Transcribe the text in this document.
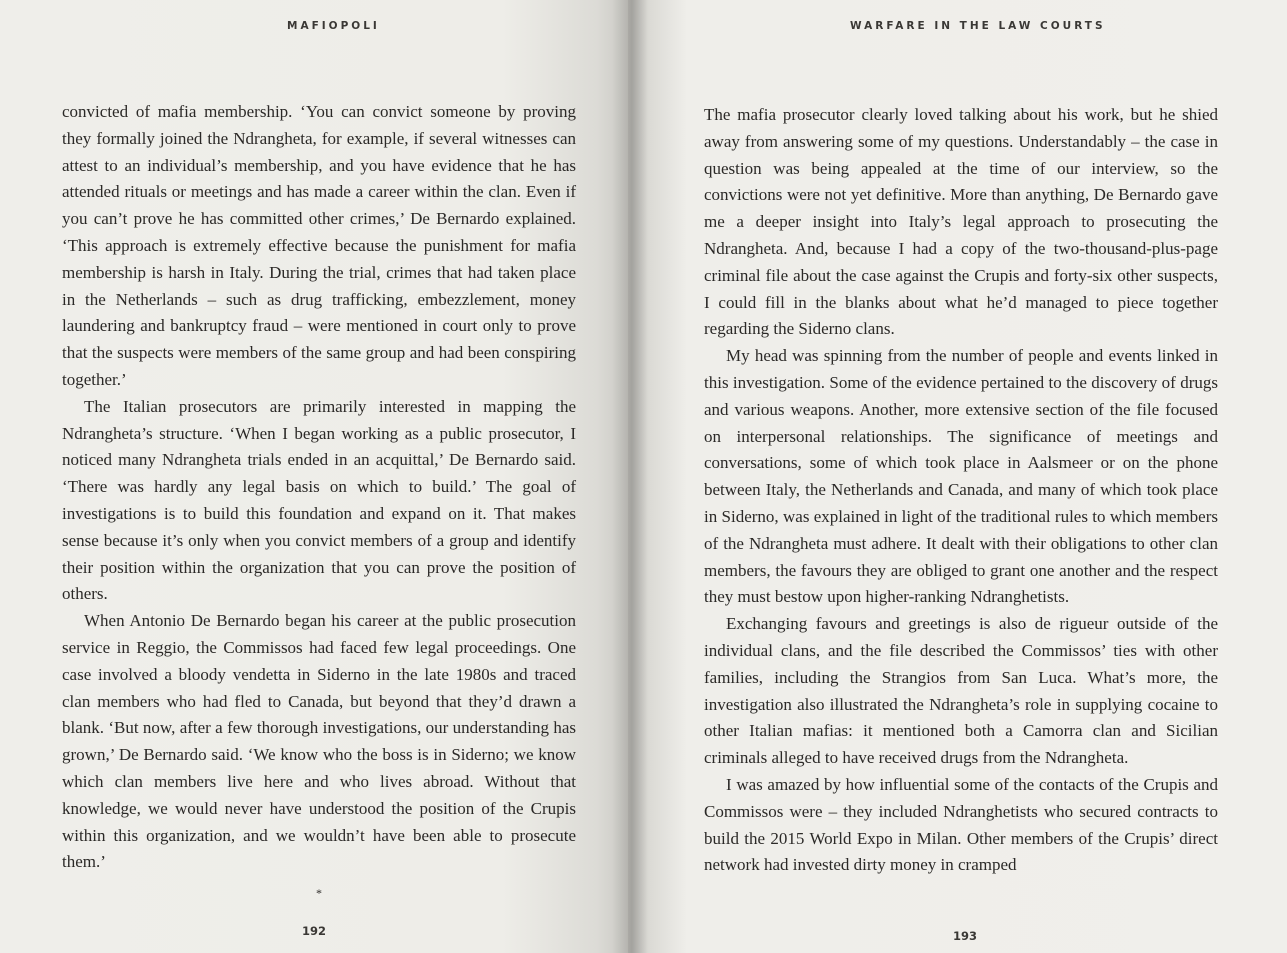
MAFIOPOLI

convicted of mafia membership. ‘You can convict someone by proving they formally joined the Ndrangheta, for example, if several witnesses can attest to an individual’s membership, and you have evidence that he has attended rituals or meetings and has made a career within the clan. Even if you can’t prove he has committed other crimes,’ De Bernardo explained. ‘This approach is extremely effective because the punishment for mafia membership is harsh in Italy. During the trial, crimes that had taken place in the Netherlands – such as drug trafficking, embezzlement, money laundering and bankruptcy fraud – were mentioned in court only to prove that the suspects were members of the same group and had been conspiring together.’

The Italian prosecutors are primarily interested in mapping the Ndrangheta’s structure. ‘When I began working as a public prosecutor, I noticed many Ndrangheta trials ended in an acquittal,’ De Bernardo said. ‘There was hardly any legal basis on which to build.’ The goal of investigations is to build this foundation and expand on it. That makes sense because it’s only when you convict members of a group and identify their position within the organization that you can prove the position of others.

When Antonio De Bernardo began his career at the public prosecution service in Reggio, the Commissos had faced few legal proceedings. One case involved a bloody vendetta in Siderno in the late 1980s and traced clan members who had fled to Canada, but beyond that they’d drawn a blank. ‘But now, after a few thorough investigations, our understanding has grown,’ De Bernardo said. ‘We know who the boss is in Siderno; we know which clan members live here and who lives abroad. Without that knowledge, we would never have understood the position of the Crupis within this organization, and we wouldn’t have been able to prosecute them.’

*
192
WARFARE IN THE LAW COURTS

The mafia prosecutor clearly loved talking about his work, but he shied away from answering some of my questions. Understandably – the case in question was being appealed at the time of our interview, so the convictions were not yet definitive. More than anything, De Bernardo gave me a deeper insight into Italy’s legal approach to prosecuting the Ndrangheta. And, because I had a copy of the two-thousand-plus-page criminal file about the case against the Crupis and forty-six other suspects, I could fill in the blanks about what he’d managed to piece together regarding the Siderno clans.

My head was spinning from the number of people and events linked in this investigation. Some of the evidence pertained to the discovery of drugs and various weapons. Another, more extensive section of the file focused on interpersonal relationships. The significance of meetings and conversations, some of which took place in Aalsmeer or on the phone between Italy, the Netherlands and Canada, and many of which took place in Siderno, was explained in light of the traditional rules to which members of the Ndrangheta must adhere. It dealt with their obligations to other clan members, the favours they are obliged to grant one another and the respect they must bestow upon higher-ranking Ndranghetists.

Exchanging favours and greetings is also de rigueur outside of the individual clans, and the file described the Commissos’ ties with other families, including the Strangios from San Luca. What’s more, the investigation also illustrated the Ndrangheta’s role in supplying cocaine to other Italian mafias: it mentioned both a Camorra clan and Sicilian criminals alleged to have received drugs from the Ndrangheta.

I was amazed by how influential some of the contacts of the Crupis and Commissos were – they included Ndranghetists who secured contracts to build the 2015 World Expo in Milan. Other members of the Crupis’ direct network had invested dirty money in cramped

193
